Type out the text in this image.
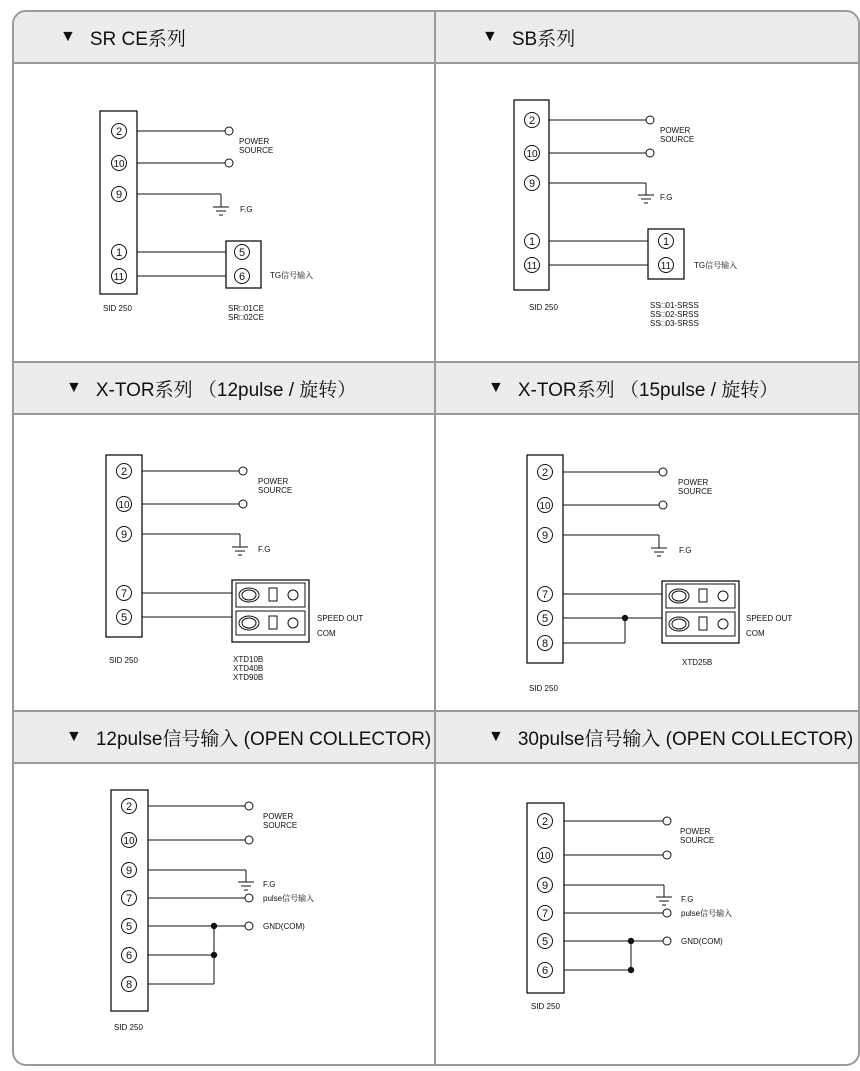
▼ SR CE系列	▼ SB系列
▼ X-TOR系列 （12pulse / 旋转）	▼ X-TOR系列 （15pulse / 旋转）
▼ 12pulse信号输入 (OPEN COLLECTOR)	▼ 30pulse信号输入 (OPEN COLLECTOR)
2
10
9
1
11
POWER
SOURCE
F.G
5
6	TG信号输入
SID 250	SR□01CE
SR□02CE
2
10
9
1
11
POWER
SOURCE
F.G
1
11	TG信号输入
SID 250	SS□01-SRSS
SS□02-SRSS
SS□03-SRSS
2
10
9
7
5
POWER
SOURCE
F.G
SPEED OUT
COM
SID 250	XTD10B
XTD40B
XTD90B
2
10
9
7
5
8
POWER
SOURCE
F.G
SPEED OUT
COM
SID 250
XTD25B
2
10
9
7
5
6
8
POWER
SOURCE
F.G
pulse信号输入
GND(COM)
SID 250
2
10
9
7
5
6
POWER
SOURCE
F.G
pulse信号输入
GND(COM)
SID 250
